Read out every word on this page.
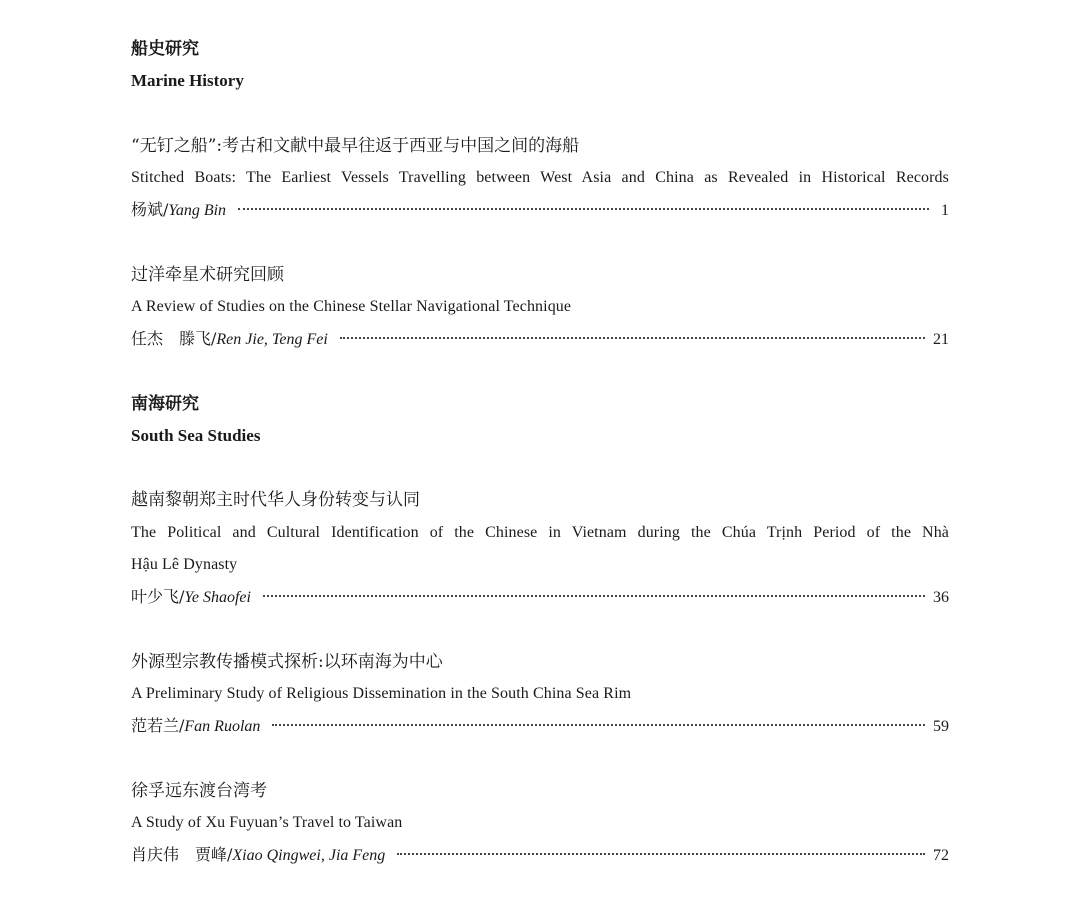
船史研究
Marine History
“无钉之船”:考古和文献中最早往返于西亚与中国之间的海船
Stitched Boats: The Earliest Vessels Travelling between West Asia and China as Revealed in Historical Records
杨斌/ Yang Bin	1
过洋牵星术研究回顾
A Review of Studies on the Chinese Stellar Navigational Technique
任杰　滕飞/ Ren Jie, Teng Fei	21
南海研究
South Sea Studies
越南黎朝郑主时代华人身份转变与认同
The Political and Cultural Identification of the Chinese in Vietnam during the Chúa Trịnh Period of the Nhà
Hậu Lê Dynasty
叶少飞/ Ye Shaofei	36
外源型宗教传播模式探析:以环南海为中心
A Preliminary Study of Religious Dissemination in the South China Sea Rim
范若兰/ Fan Ruolan	59
徐孚远东渡台湾考
A Study of Xu Fuyuan’s Travel to Taiwan
肖庆伟　贾峰/ Xiao Qingwei, Jia Feng	72
